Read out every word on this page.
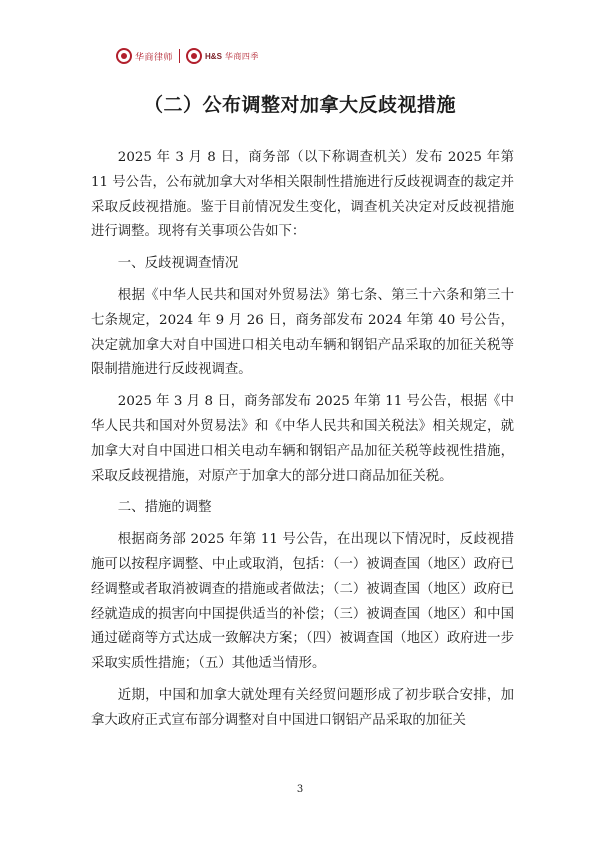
华商律师	H&S 华商四季
（二）公布调整对加拿大反歧视措施

2025 年 3 月 8 日，商务部（以下称调查机关）发布 2025 年第 11 号公告，公布就加拿大对华相关限制性措施进行反歧视调查的裁定并采取反歧视措施。鉴于目前情况发生变化，调查机关决定对反歧视措施进行调整。现将有关事项公告如下：

一、反歧视调查情况

根据《中华人民共和国对外贸易法》第七条、第三十六条和第三十七条规定，2024 年 9 月 26 日，商务部发布 2024 年第 40 号公告，决定就加拿大对自中国进口相关电动车辆和钢铝产品采取的加征关税等限制措施进行反歧视调查。

2025 年 3 月 8 日，商务部发布 2025 年第 11 号公告，根据《中华人民共和国对外贸易法》和《中华人民共和国关税法》相关规定，就加拿大对自中国进口相关电动车辆和钢铝产品加征关税等歧视性措施，采取反歧视措施，对原产于加拿大的部分进口商品加征关税。

二、措施的调整

根据商务部 2025 年第 11 号公告，在出现以下情况时，反歧视措施可以按程序调整、中止或取消，包括：（一）被调查国（地区）政府已经调整或者取消被调查的措施或者做法；（二）被调查国（地区）政府已经就造成的损害向中国提供适当的补偿；（三）被调查国（地区）和中国通过磋商等方式达成一致解决方案；（四）被调查国（地区）政府进一步采取实质性措施；（五）其他适当情形。

近期，中国和加拿大就处理有关经贸问题形成了初步联合安排，加拿大政府正式宣布部分调整对自中国进口钢铝产品采取的加征关

3
